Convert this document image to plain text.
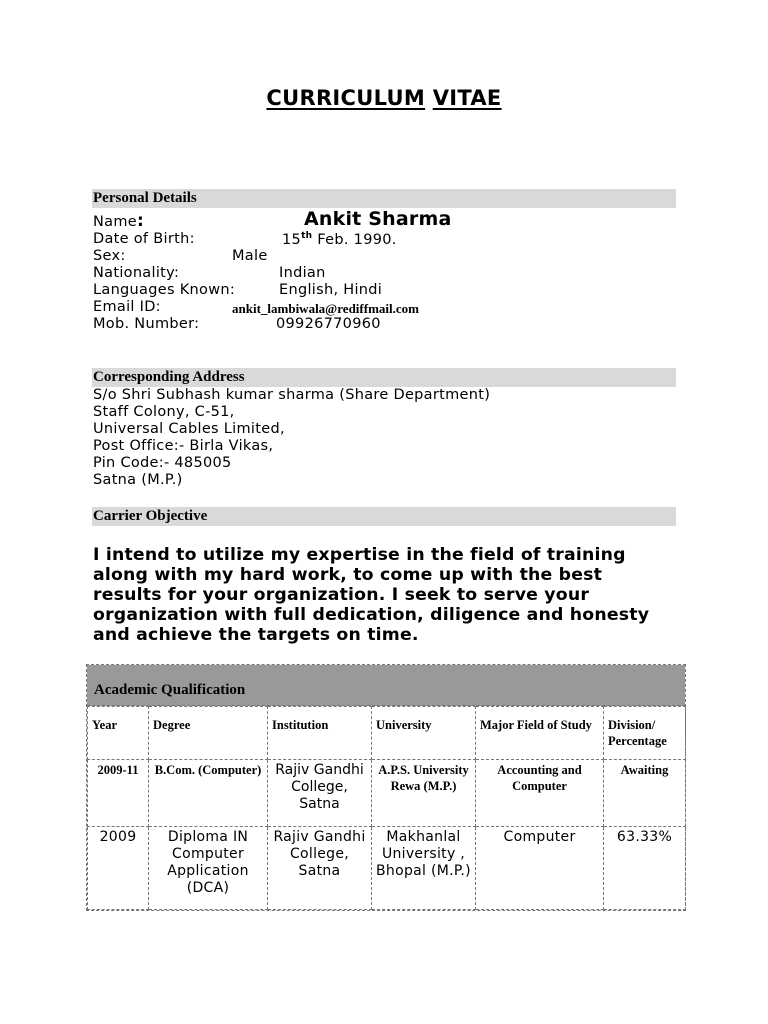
CURRICULUM VITAE
Personal Details
Name:	Ankit Sharma
Date of Birth:	15th Feb. 1990.
Sex:	Male
Nationality:	Indian
Languages Known:	English, Hindi
Email ID:	ankit_lambiwala@rediffmail.com
Mob. Number:	09926770960
Corresponding Address
S/o Shri Subhash kumar sharma (Share Department)
Staff Colony, C-51,
Universal Cables Limited,
Post Office:- Birla Vikas,
Pin Code:- 485005
Satna (M.P.)
Carrier Objective
I intend to utilize my expertise in the field of training along with my hard work, to come up with the best results for your organization. I seek to serve your organization with full dedication, diligence and honesty and achieve the targets on time.
Academic Qualification
Year	Degree	Institution	University	Major Field of Study	Division/ Percentage
2009-11	B.Com. (Computer)	Rajiv Gandhi College, Satna	A.P.S. University Rewa (M.P.)	Accounting and Computer	Awaiting
2009	Diploma IN Computer Application (DCA)	Rajiv Gandhi College, Satna	Makhanlal University , Bhopal (M.P.)	Computer	63.33%
